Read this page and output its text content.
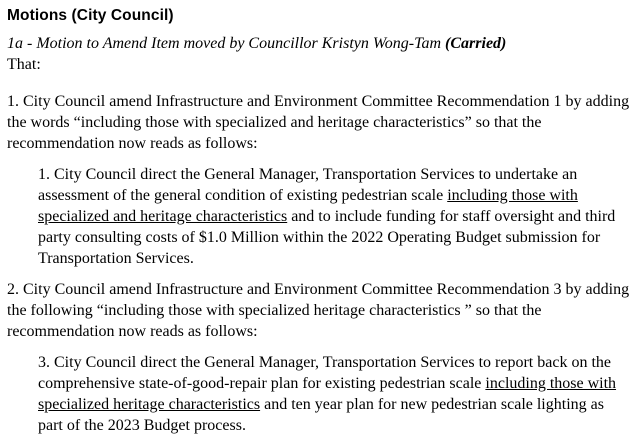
Motions (City Council)

1a - Motion to Amend Item moved by Councillor Kristyn Wong-Tam (Carried)

That:

1. City Council amend Infrastructure and Environment Committee Recommendation 1 by adding the words “including those with specialized and heritage characteristics” so that the recommendation now reads as follows:

1. City Council direct the General Manager, Transportation Services to undertake an assessment of the general condition of existing pedestrian scale including those with specialized and heritage characteristics and to include funding for staff oversight and third party consulting costs of $1.0 Million within the 2022 Operating Budget submission for Transportation Services.

2. City Council amend Infrastructure and Environment Committee Recommendation 3 by adding the following “including those with specialized heritage characteristics ” so that the recommendation now reads as follows:

3. City Council direct the General Manager, Transportation Services to report back on the comprehensive state-of-good-repair plan for existing pedestrian scale including those with specialized heritage characteristics and ten year plan for new pedestrian scale lighting as part of the 2023 Budget process.
